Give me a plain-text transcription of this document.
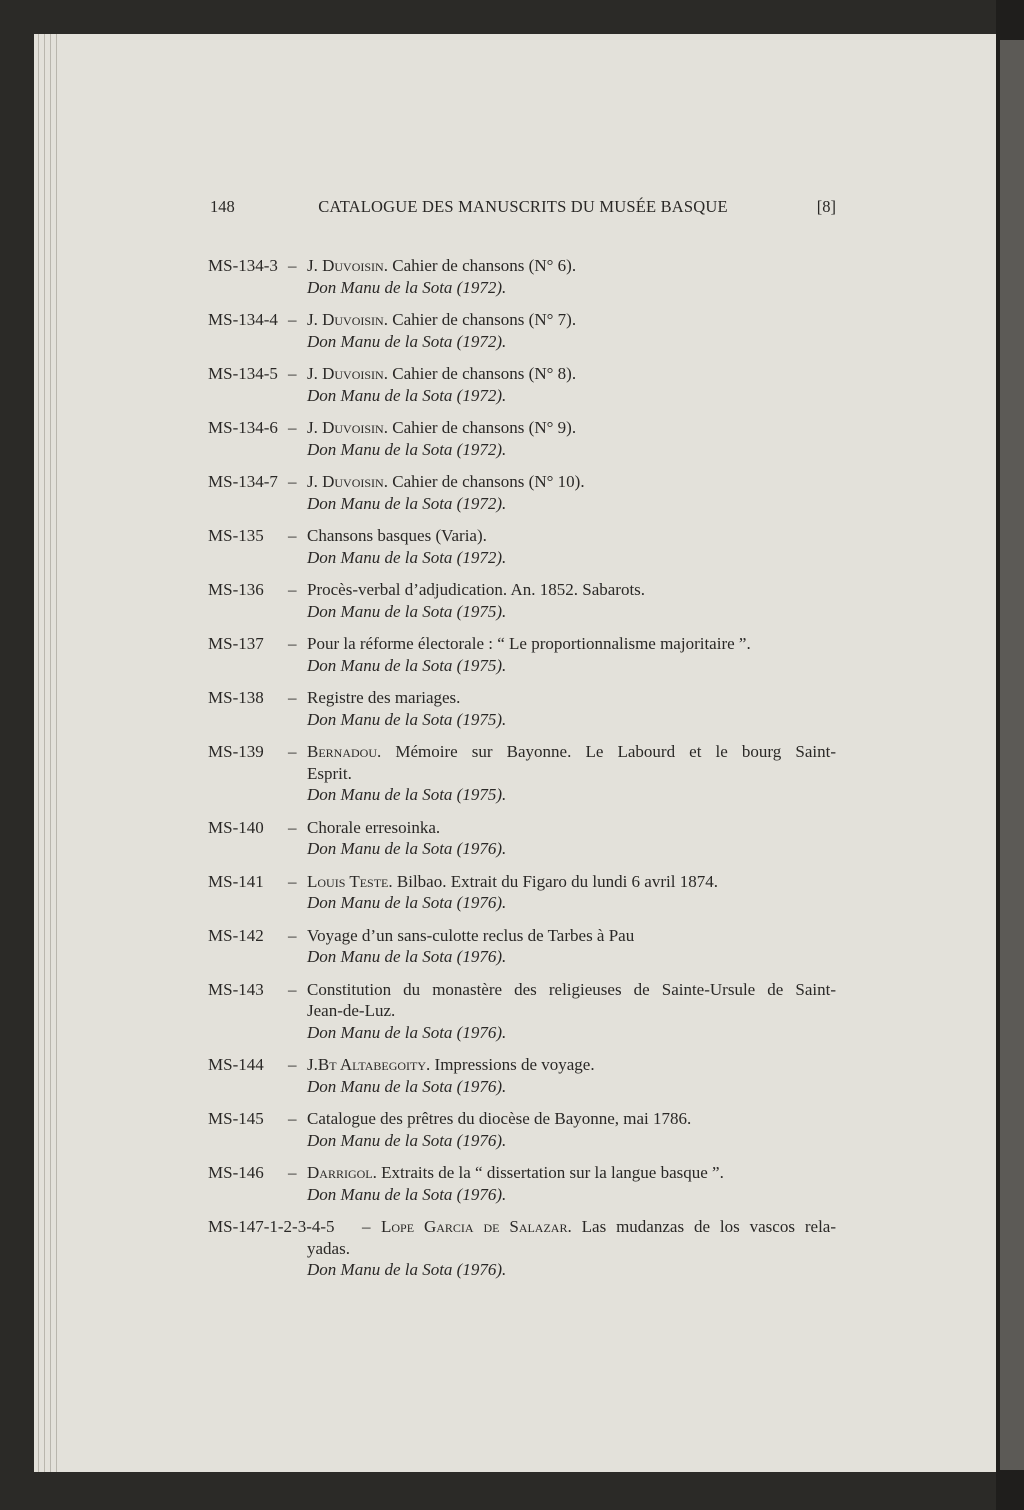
148	CATALOGUE DES MANUSCRITS DU MUSÉE BASQUE	[8]
MS-134-3 – J. Duvoisin. Cahier de chansons (N° 6).
Don Manu de la Sota (1972).
MS-134-4 – J. Duvoisin. Cahier de chansons (N° 7).
Don Manu de la Sota (1972).
MS-134-5 – J. Duvoisin. Cahier de chansons (N° 8).
Don Manu de la Sota (1972).
MS-134-6 – J. Duvoisin. Cahier de chansons (N° 9).
Don Manu de la Sota (1972).
MS-134-7 – J. Duvoisin. Cahier de chansons (N° 10).
Don Manu de la Sota (1972).
MS-135 – Chansons basques (Varia).
Don Manu de la Sota (1972).
MS-136 – Procès-verbal d’adjudication. An. 1852. Sabarots.
Don Manu de la Sota (1975).
MS-137 – Pour la réforme électorale : “ Le proportionnalisme majoritaire ”.
Don Manu de la Sota (1975).
MS-138 – Registre des mariages.
Don Manu de la Sota (1975).
MS-139 – Bernadou. Mémoire sur Bayonne. Le Labourd et le bourg Saint-
Esprit.
Don Manu de la Sota (1975).
MS-140 – Chorale erresoinka.
Don Manu de la Sota (1976).
MS-141 – Louis Teste. Bilbao. Extrait du Figaro du lundi 6 avril 1874.
Don Manu de la Sota (1976).
MS-142 – Voyage d’un sans-culotte reclus de Tarbes à Pau
Don Manu de la Sota (1976).
MS-143 – Constitution du monastère des religieuses de Sainte-Ursule de Saint-
Jean-de-Luz.
Don Manu de la Sota (1976).
MS-144 – J.Bt Altabegoity. Impressions de voyage.
Don Manu de la Sota (1976).
MS-145 – Catalogue des prêtres du diocèse de Bayonne, mai 1786.
Don Manu de la Sota (1976).
MS-146 – Darrigol. Extraits de la “ dissertation sur la langue basque ”.
Don Manu de la Sota (1976).
MS-147-1-2-3-4-5 – Lope Garcia de Salazar. Las mudanzas de los vascos rela-
yadas.
Don Manu de la Sota (1976).
